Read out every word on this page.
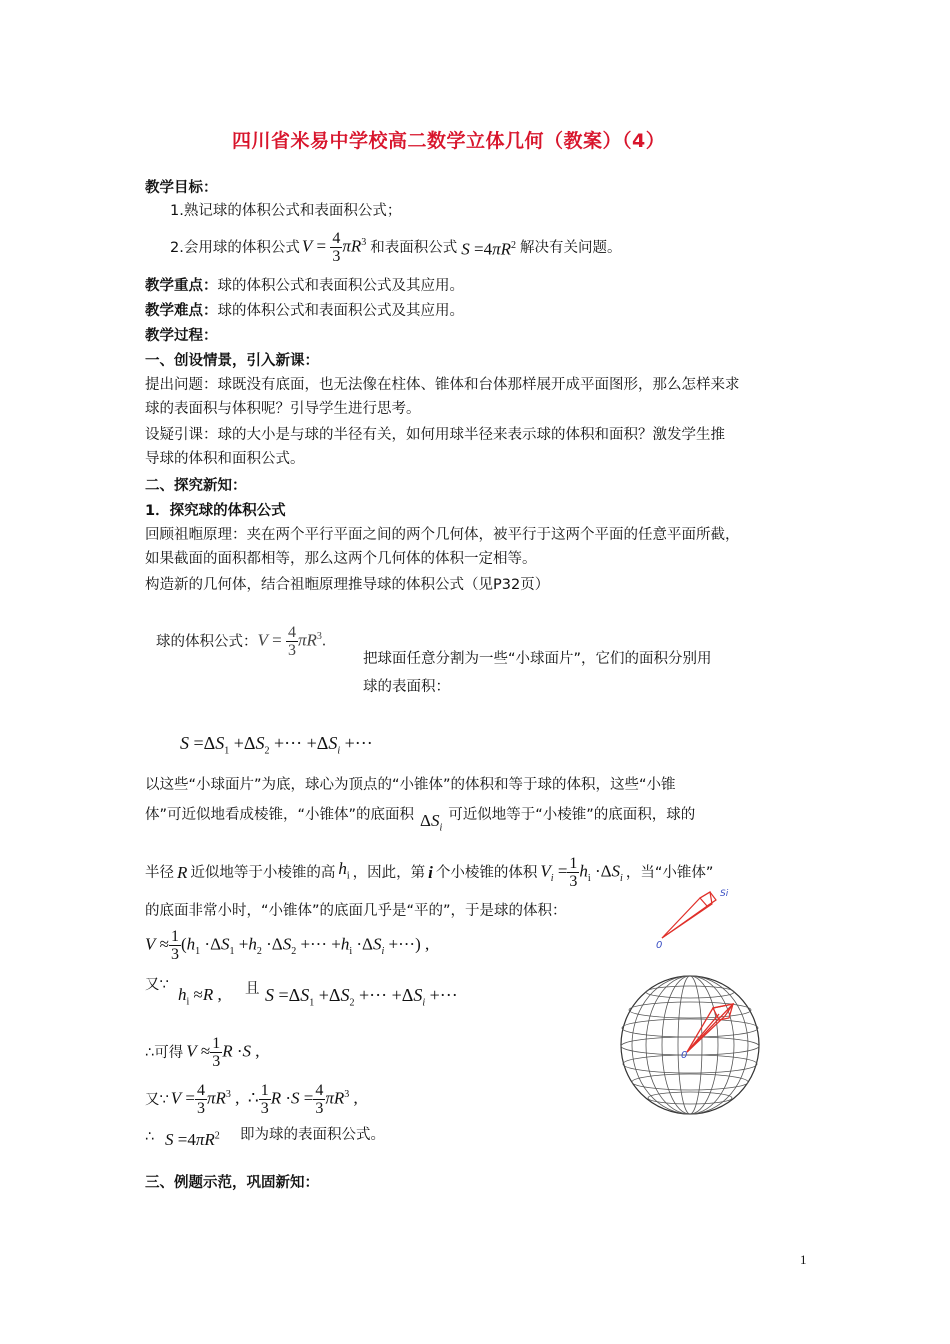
四川省米易中学校高二数学立体几何（教案）（4）
教学目标：
1.熟记球的体积公式和表面积公式；
2.会用球的体积公式 $V = \frac{4}{3} \pi R^3$ 和表面积公式 $S =4\pi R^2$ 解决有关问题。
教学重点：球的体积公式和表面积公式及其应用。
教学难点：球的体积公式和表面积公式及其应用。
教学过程：
一、创设情景，引入新课：
提出问题：球既没有底面，也无法像在柱体、锥体和台体那样展开成平面图形，那么怎样来求
球的表面积与体积呢？引导学生进行思考。
设疑引课：球的大小是与球的半径有关，如何用球半径来表示球的体积和面积？激发学生推
导球的体积和面积公式。
二、探究新知：
1．探究球的体积公式
回顾祖暅原理：夹在两个平行平面之间的两个几何体，被平行于这两个平面的任意平面所截，
如果截面的面积都相等，那么这两个几何体的体积一定相等。
构造新的几何体，结合祖暅原理推导球的体积公式（见P32页）
球的体积公式： $V = \frac{4}{3} \pi R^3$.
把球面任意分割为一些“小球面片”，它们的面积分别用
球的表面积：
$S =\Delta S_1 +\Delta S_2$ +··· $+\Delta S_i$ +···
以这些“小球面片”为底，球心为顶点的“小锥体”的体积和等于球的体积，这些“小锥
体”可近似地看成棱锥，“小锥体”的底面积 $\Delta S_i$
可近似地等于“小棱锥”的底面积，球的
半径 R 近似地等于小棱锥的高 $h_i$ ，因此，第 i 个小棱锥的体积 $V_i = \frac{1}{3} h_i \cdot\Delta S_i$ ，当“小锥体”
的底面非常小时，“小锥体”的底面几乎是“平的”，于是球的体积：
$V \approx \frac{1}{3} (h_1 \cdot\Delta S_1 +h_2 \cdot\Delta S_2$ +··· $+h_i \cdot\Delta S_i$ +···) ,
又∵ $h_i \approx R$ , 且 $S =\Delta S_1 +\Delta S_2$ +··· $+\Delta S_i$ +···
∴可得 $V \approx \frac{1}{3}$ R ·S ,
又∵ $V = \frac{4}{3} \pi R^3$ ,  ∴ $\frac{1}{3}$ $R \cdot S = \frac{4}{3} \pi R^3$ ,
∴ $S =4\pi R^2$ 即为球的表面积公式。
三、例题示范，巩固新知：
Si
0
0
1
